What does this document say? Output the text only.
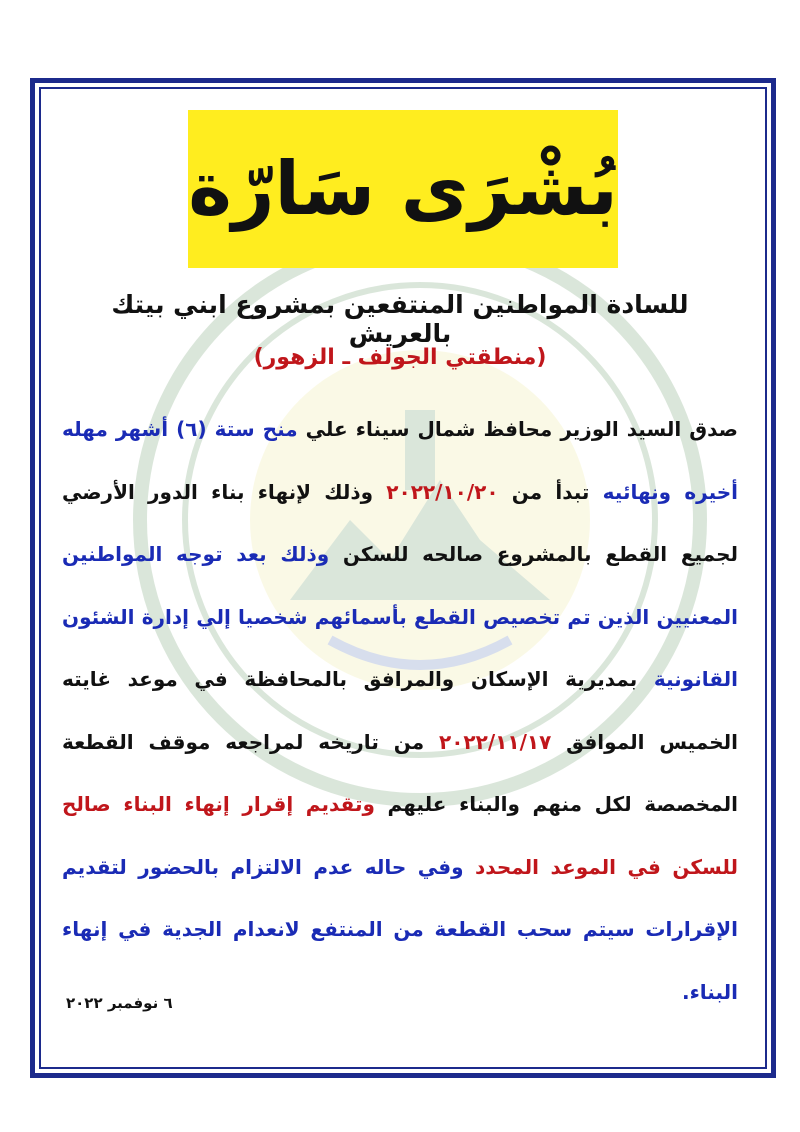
بُشْرَى سَارّة
للسادة المواطنين المنتفعين بمشروع ابني بيتك بالعريش
(منطقتي الجولف ـ الزهور)
صدق السيد الوزير محافظ شمال سيناء علي منح ستة (٦) أشهر مهله أخيره ونهائيه تبدأ من ٢٠٢٢/١٠/٢٠ وذلك لإنهاء بناء الدور الأرضي لجميع القطع بالمشروع صالحه للسكن وذلك بعد توجه المواطنين المعنيين الذين تم تخصيص القطع بأسمائهم شخصيا إلي إدارة الشئون القانونية بمديرية الإسكان والمرافق بالمحافظة في موعد غايته الخميس الموافق ٢٠٢٢/١١/١٧ من تاريخه لمراجعه موقف القطعة المخصصة لكل منهم والبناء عليهم وتقديم إقرار إنهاء البناء صالح للسكن في الموعد المحدد وفي حاله عدم الالتزام بالحضور لتقديم الإقرارات سيتم سحب القطعة من المنتفع لانعدام الجدية في إنهاء البناء.
٦ نوفمبر ٢٠٢٢
